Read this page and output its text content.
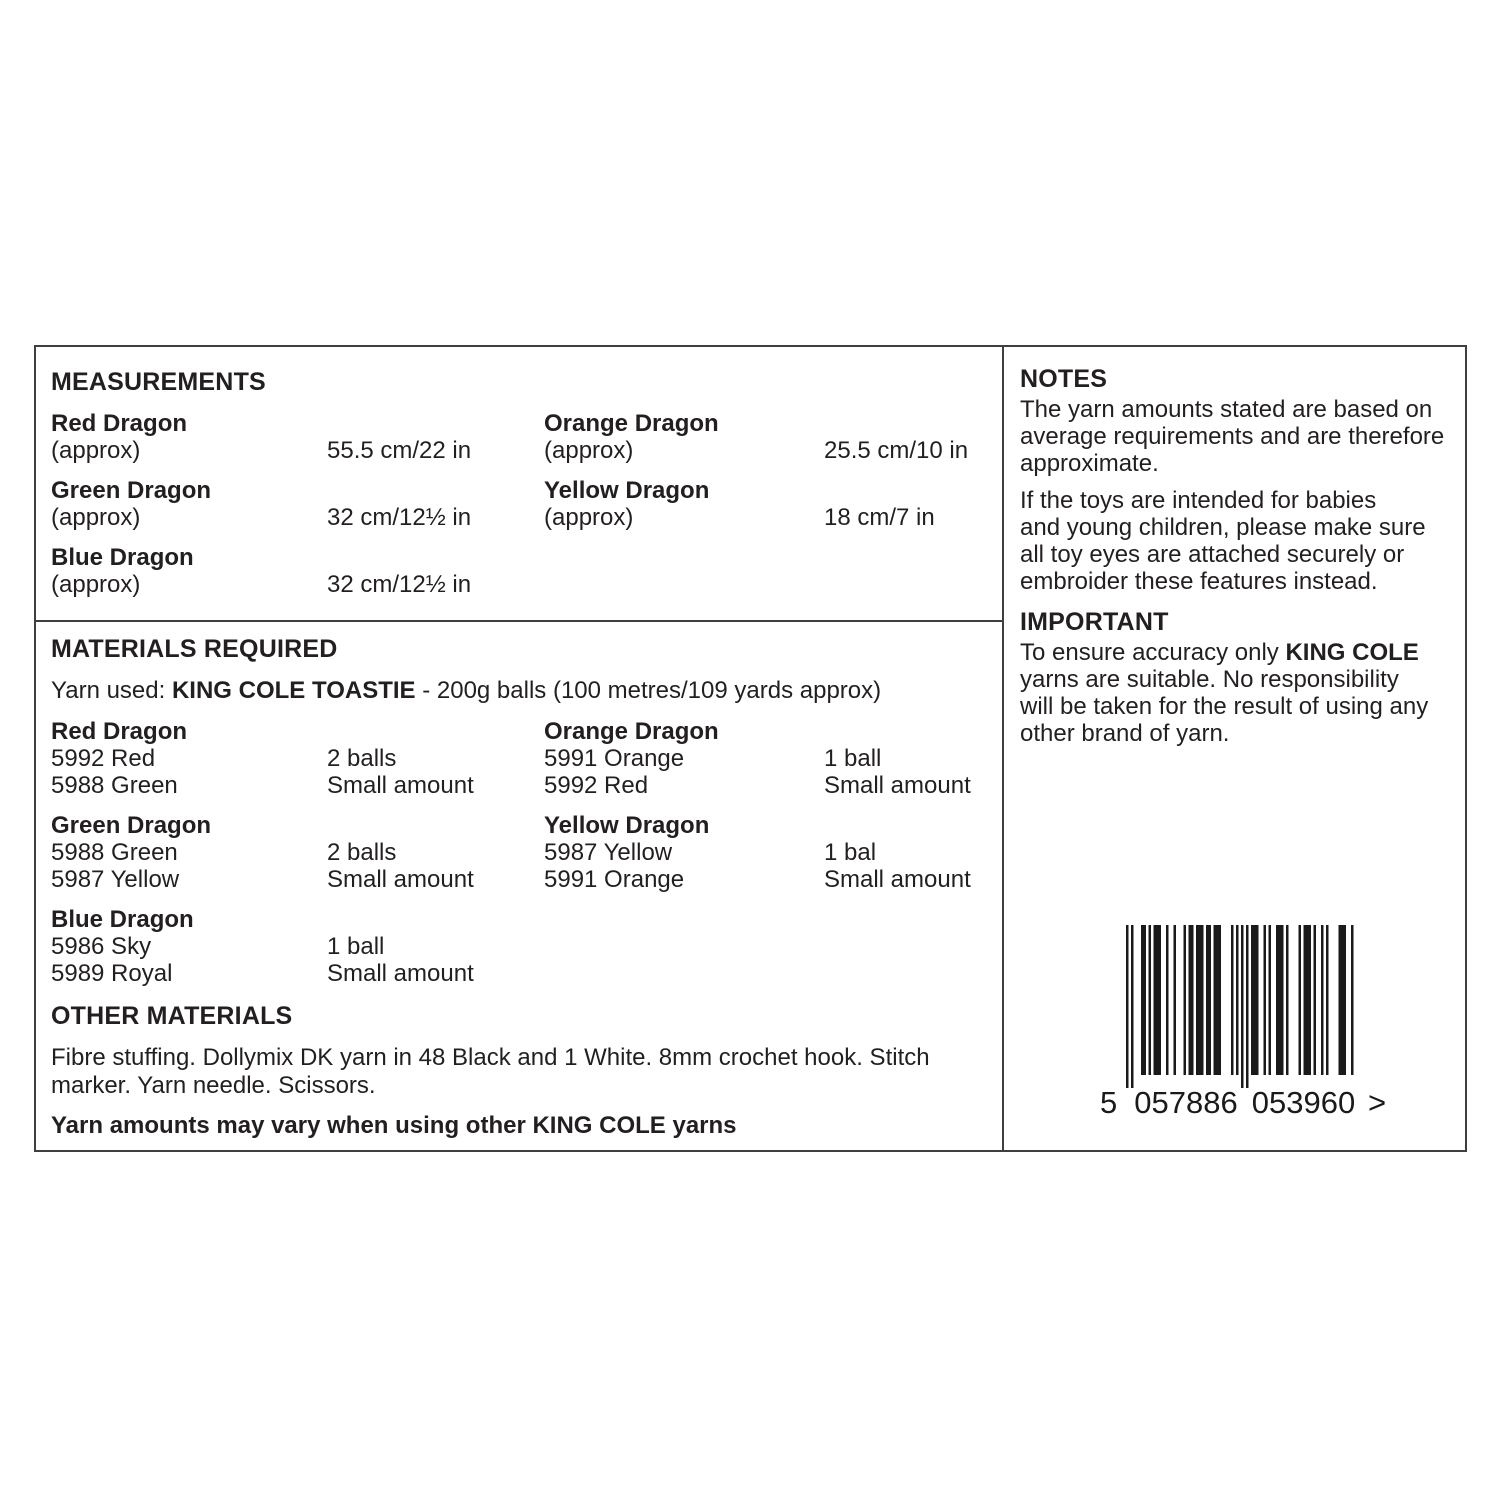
MEASUREMENTS
Red Dragon
(approx)	55.5 cm/22 in
Orange Dragon
(approx)	25.5 cm/10 in
Green Dragon
(approx)	32 cm/12½ in
Yellow Dragon
(approx)	18 cm/7 in
Blue Dragon
(approx)	32 cm/12½ in
MATERIALS REQUIRED
Yarn used: KING COLE TOASTIE - 200g balls (100 metres/109 yards approx)
Red Dragon
5992 Red	2 balls
5988 Green	Small amount
Orange Dragon
5991 Orange	1 ball
5992 Red	Small amount
Green Dragon
5988 Green	2 balls
5987 Yellow	Small amount
Yellow Dragon
5987 Yellow	1 bal
5991 Orange	Small amount
Blue Dragon
5986 Sky	1 ball
5989 Royal	Small amount
OTHER MATERIALS
Fibre stuffing. Dollymix DK yarn in 48 Black and 1 White. 8mm crochet hook. Stitch marker. Yarn needle. Scissors.
Yarn amounts may vary when using other KING COLE yarns
NOTES
The yarn amounts stated are based on
average requirements and are therefore
approximate.
If the toys are intended for babies
and young children, please make sure
all toy eyes are attached securely or
embroider these features instead.
IMPORTANT
To ensure accuracy only KING COLE
yarns are suitable. No responsibility
will be taken for the result of using any
other brand of yarn.
5 057886 053960 >
